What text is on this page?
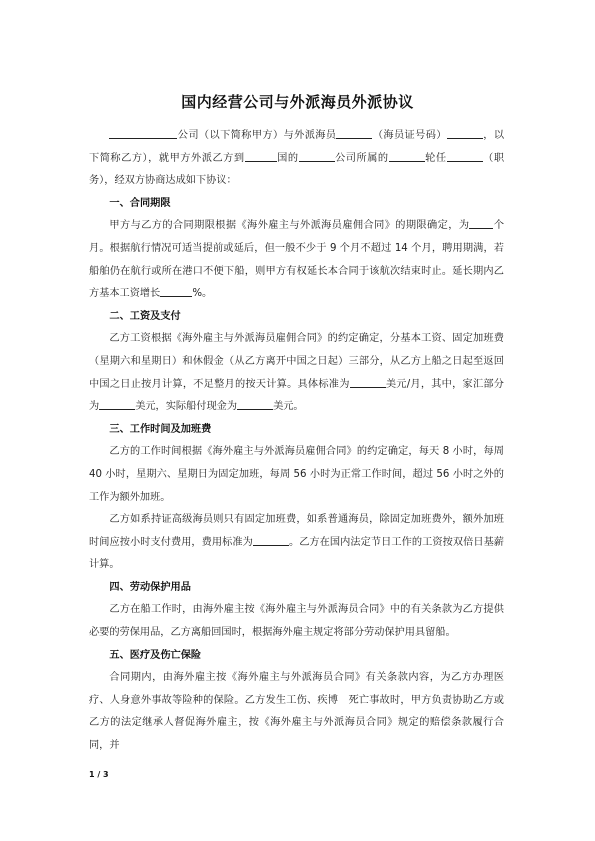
国内经营公司与外派海员外派协议

公司（以下简称甲方）与外派海员	（海员证号码）	，以下简称乙方），就甲方外派乙方到	国的	公司所属的	轮任	（职务），经双方协商达成如下协议：

一、合同期限

甲方与乙方的合同期限根据《海外雇主与外派海员雇佣合同》的期限确定，为 个月。根据航行情况可适当提前或延后，但一般不少于 9 个月不超过 14 个月，聘用期满，若船舶仍在航行或所在港口不便下船，则甲方有权延长本合同于该航次结束时止。延长期内乙方基本工资增长	%。

二、工资及支付

乙方工资根据《海外雇主与外派海员雇佣合同》的约定确定，分基本工资、固定加班费（星期六和星期日）和休假金（从乙方离开中国之日起）三部分，从乙方上船之日起至返回中国之日止按月计算，不足整月的按天计算。具体标准为	美元/月，其中，家汇部分为	美元，实际船付现金为	美元。

三、工作时间及加班费

乙方的工作时间根据《海外雇主与外派海员雇佣合同》的约定确定，每天 8 小时，每周 40 小时，星期六、星期日为固定加班，每周 56 小时为正常工作时间，超过 56 小时之外的工作为额外加班。

乙方如系持证高级海员则只有固定加班费，如系普通海员，除固定加班费外，额外加班时间应按小时支付费用，费用标准为	。乙方在国内法定节日工作的工资按双倍日基薪计算。

四、劳动保护用品

乙方在船工作时，由海外雇主按《海外雇主与外派海员合同》中的有关条款为乙方提供必要的劳保用品，乙方离船回国时，根据海外雇主规定将部分劳动保护用具留船。

五、医疗及伤亡保险

合同期内，由海外雇主按《海外雇主与外派海员合同》有关条款内容，为乙方办理医疗、人身意外事故等险种的保险。乙方发生工伤、疾博　死亡事故时，甲方负责协助乙方或乙方的法定继承人督促海外雇主，按《海外雇主与外派海员合同》规定的赔偿条款履行合同，并

1 / 3
